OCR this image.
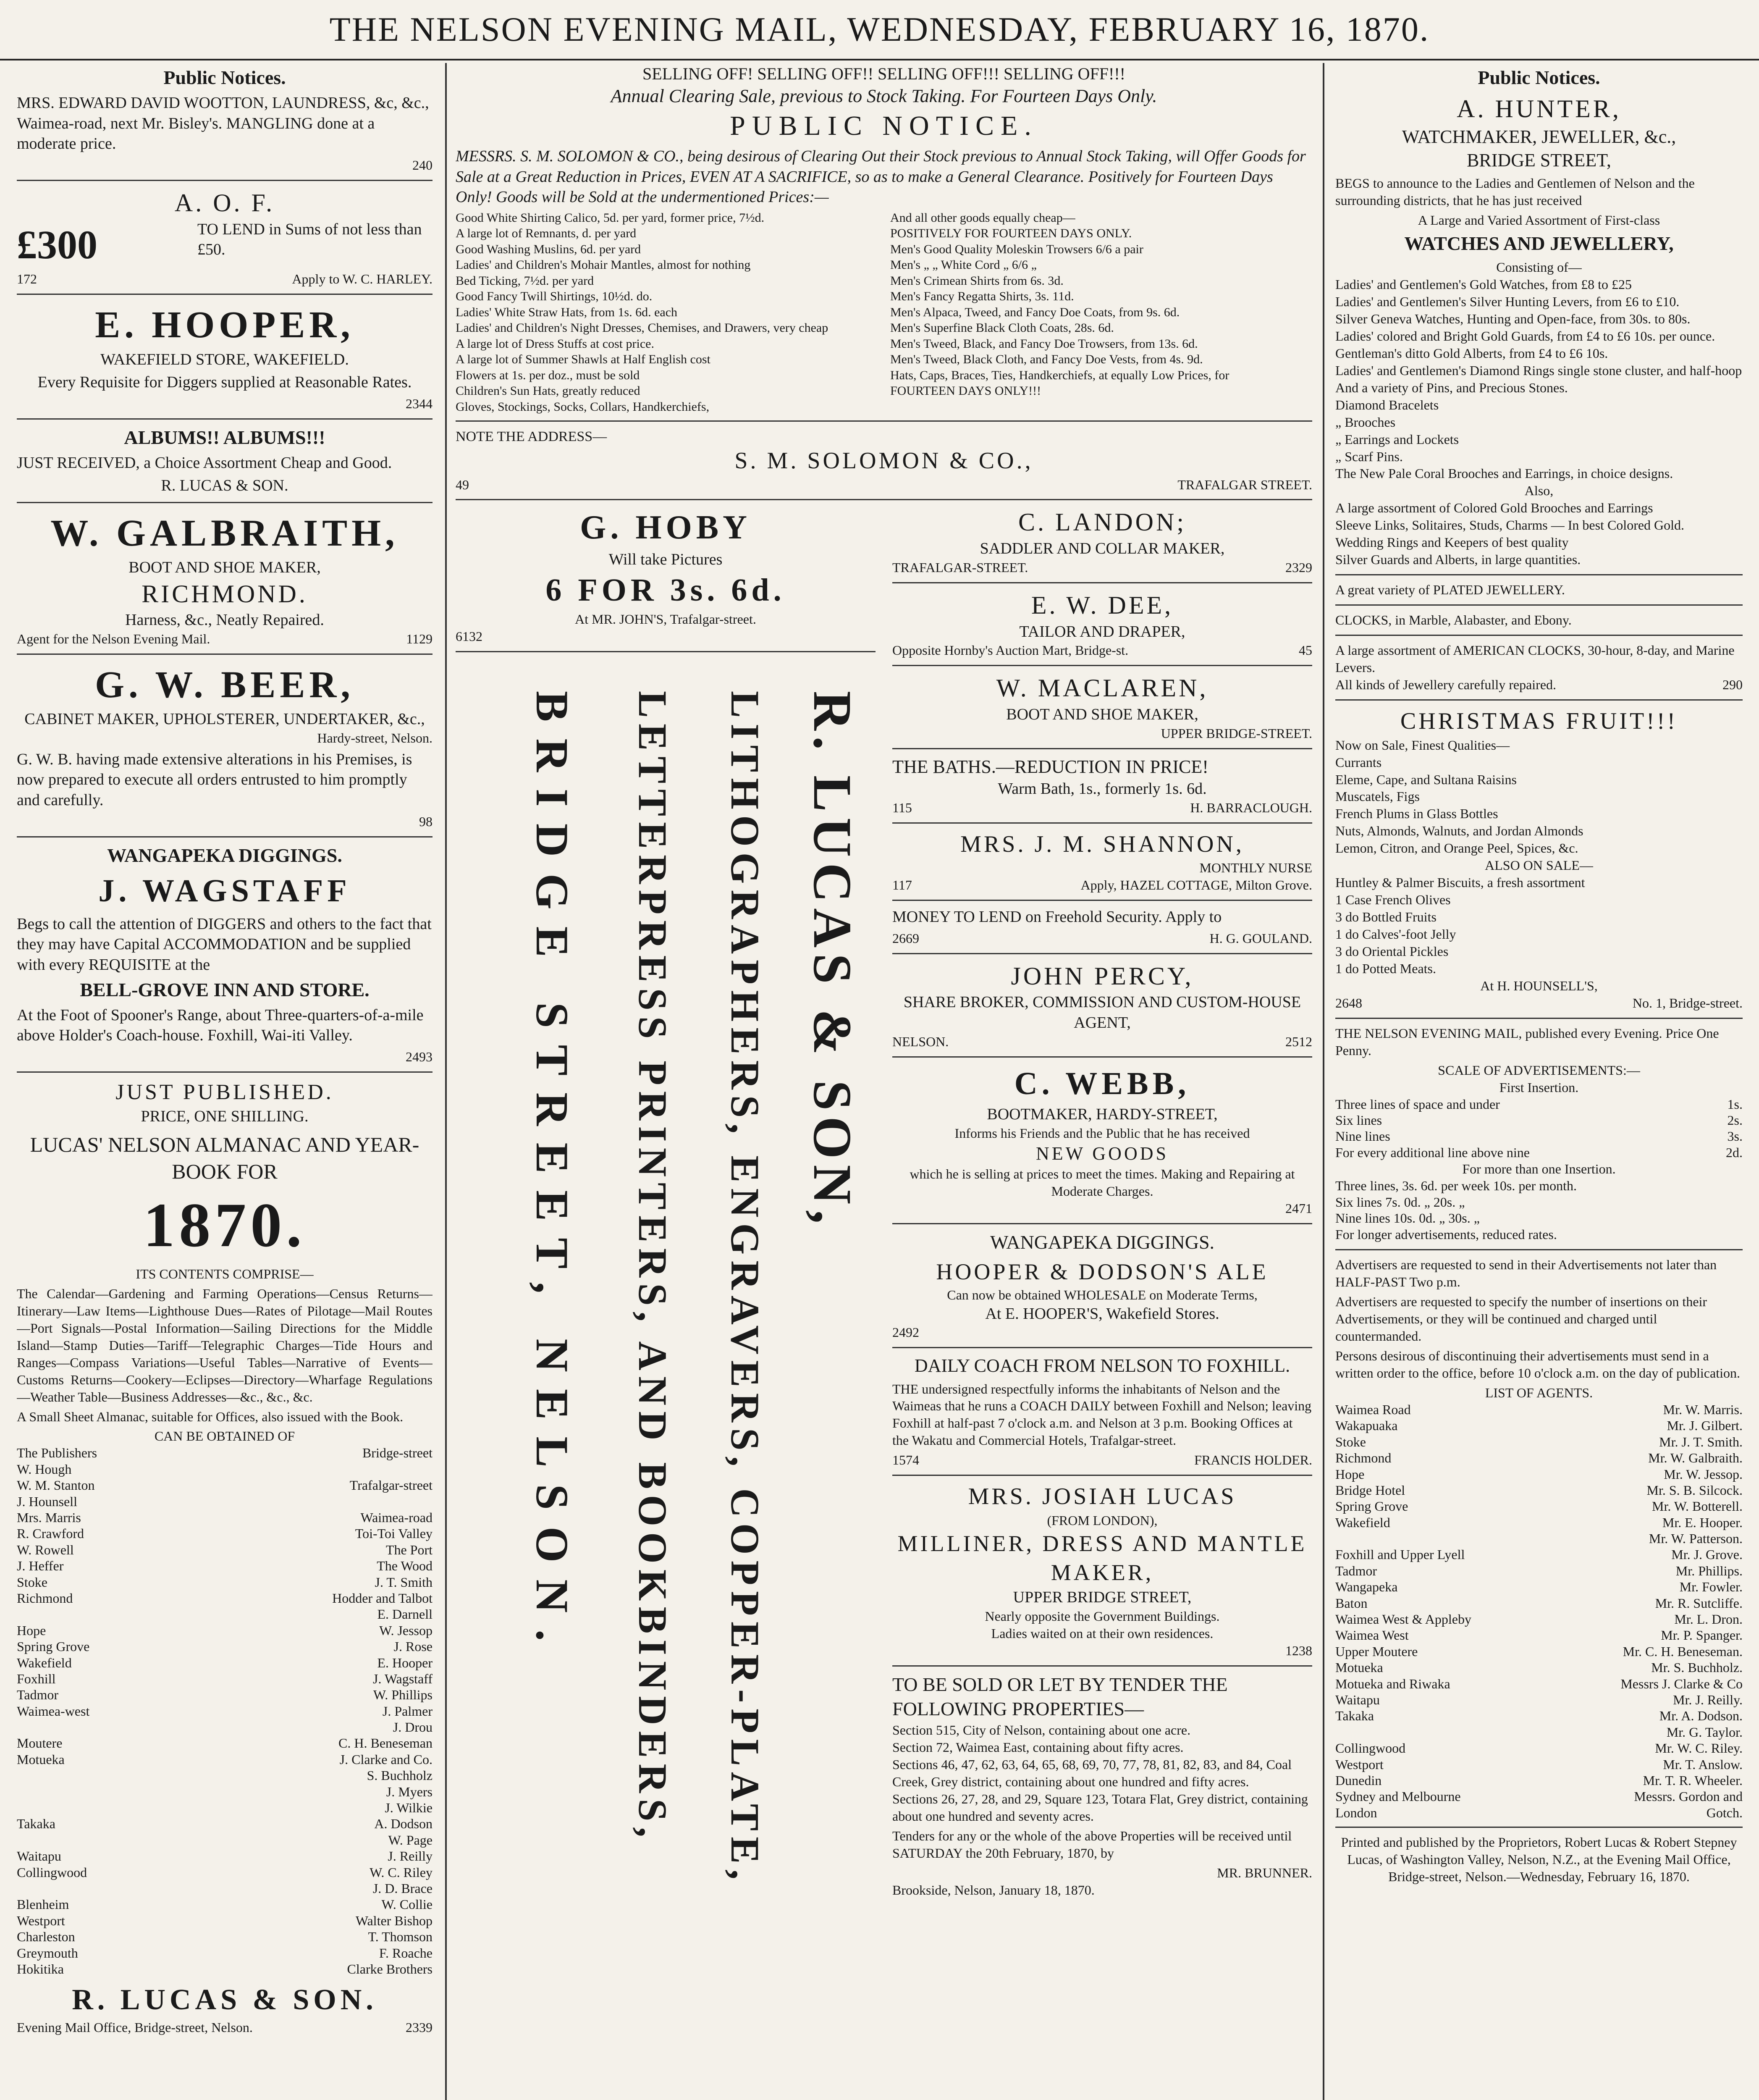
THE NELSON EVENING MAIL, WEDNESDAY, FEBRUARY 16, 1870.
Public Notices.

MRS. EDWARD DAVID WOOTTON, LAUNDRESS, &c, &c., Waimea-road, next Mr. Bisley's. MANGLING done at a moderate price.

240
A. O. F.
£300	TO LEND in Sums of not less than £50.
172	Apply to W. C. HARLEY.
E. HOOPER,
WAKEFIELD STORE, WAKEFIELD.

Every Requisite for Diggers supplied at Reasonable Rates.

2344
ALBUMS!! ALBUMS!!!

JUST RECEIVED, a Choice Assortment Cheap and Good.

R. LUCAS & SON.
W. GALBRAITH,
BOOT AND SHOE MAKER,
RICHMOND.
Harness, &c., Neatly Repaired.
Agent for the Nelson Evening Mail.	1129
G. W. BEER,
CABINET MAKER, UPHOLSTERER, UNDERTAKER, &c.,
Hardy-street, Nelson.

G. W. B. having made extensive alterations in his Premises, is now prepared to execute all orders entrusted to him promptly and carefully.

98
WANGAPEKA DIGGINGS.
J. WAGSTAFF

Begs to call the attention of DIGGERS and others to the fact that they may have Capital ACCOMMODATION and be supplied with every REQUISITE at the

BELL-GROVE INN AND STORE.

At the Foot of Spooner's Range, about Three-quarters-of-a-mile above Holder's Coach-house. Foxhill, Wai-iti Valley.

2493
JUST PUBLISHED.
PRICE, ONE SHILLING.
LUCAS' NELSON ALMANAC AND YEAR-BOOK FOR
1870.
ITS CONTENTS COMPRISE—

The Calendar—Gardening and Farming Operations—Census Returns—Itinerary—Law Items—Lighthouse Dues—Rates of Pilotage—Mail Routes—Port Signals—Postal Information—Sailing Directions for the Middle Island—Stamp Duties—Tariff—Telegraphic Charges—Tide Hours and Ranges—Compass Variations—Useful Tables—Narrative of Events—Customs Returns—Cookery—Eclipses—Directory—Wharfage Regulations—Weather Table—Business Addresses—&c., &c., &c.

A Small Sheet Almanac, suitable for Offices, also issued with the Book.

CAN BE OBTAINED OF
The Publishers	Bridge-street
W. Hough
W. M. Stanton	Trafalgar-street
J. Hounsell
Mrs. Marris	Waimea-road
R. Crawford	Toi-Toi Valley
W. Rowell	The Port
J. Heffer	The Wood
Stoke	J. T. Smith
Richmond	Hodder and Talbot
E. Darnell
Hope	W. Jessop
Spring Grove	J. Rose
Wakefield	E. Hooper
Foxhill	J. Wagstaff
Tadmor	W. Phillips
Waimea-west	J. Palmer
J. Drou
Moutere	C. H. Beneseman
Motueka	J. Clarke and Co.
S. Buchholz
J. Myers
J. Wilkie
Takaka	A. Dodson
W. Page
Waitapu	J. Reilly
Collingwood	W. C. Riley
J. D. Brace
Blenheim	W. Collie
Westport	Walter Bishop
Charleston	T. Thomson
Greymouth	F. Roache
Hokitika	Clarke Brothers
R. LUCAS & SON.
Evening Mail Office, Bridge-street, Nelson.	2339
SELLING OFF! SELLING OFF!! SELLING OFF!!! SELLING OFF!!!
Annual Clearing Sale, previous to Stock Taking. For Fourteen Days Only.
PUBLIC NOTICE.

MESSRS. S. M. SOLOMON & CO., being desirous of Clearing Out their Stock previous to Annual Stock Taking, will Offer Goods for Sale at a Great Reduction in Prices, EVEN AT A SACRIFICE, so as to make a General Clearance. Positively for Fourteen Days Only! Goods will be Sold at the undermentioned Prices:—

Good White Shirting Calico, 5d. per yard, former price, 7½d.
A large lot of Remnants, d. per yard
Good Washing Muslins, 6d. per yard
Ladies' and Children's Mohair Mantles, almost for nothing
Bed Ticking, 7½d. per yard
Good Fancy Twill Shirtings, 10½d. do.
Ladies' White Straw Hats, from 1s. 6d. each
Ladies' and Children's Night Dresses, Chemises, and Drawers, very cheap
A large lot of Dress Stuffs at cost price.
A large lot of Summer Shawls at Half English cost
Flowers at 1s. per doz., must be sold
Children's Sun Hats, greatly reduced
Gloves, Stockings, Socks, Collars, Handkerchiefs,
And all other goods equally cheap—
POSITIVELY FOR FOURTEEN DAYS ONLY.
Men's Good Quality Moleskin Trowsers 6/6 a pair
Men's „ „ White Cord „ 6/6 „
Men's Crimean Shirts from 6s. 3d.
Men's Fancy Regatta Shirts, 3s. 11d.
Men's Alpaca, Tweed, and Fancy Doe Coats, from 9s. 6d.
Men's Superfine Black Cloth Coats, 28s. 6d.
Men's Tweed, Black, and Fancy Doe Trowsers, from 13s. 6d.
Men's Tweed, Black Cloth, and Fancy Doe Vests, from 4s. 9d.
Hats, Caps, Braces, Ties, Handkerchiefs, at equally Low Prices, for
FOURTEEN DAYS ONLY!!!
NOTE THE ADDRESS—
S. M. SOLOMON & CO.,
49	TRAFALGAR STREET.
G. HOBY
Will take Pictures
6 FOR 3s. 6d.
At MR. JOHN'S, Trafalgar-street.
6132
R. LUCAS & SON,
LITHOGRAPHERS, ENGRAVERS, COPPER-PLATE,
LETTERPRESS PRINTERS, AND BOOKBINDERS,
BRIDGE STREET, NELSON.

C. LANDON;
SADDLER AND COLLAR MAKER,
TRAFALGAR-STREET.	2329
E. W. DEE,
TAILOR AND DRAPER,
Opposite Hornby's Auction Mart, Bridge-st.	45
W. MACLAREN,
BOOT AND SHOE MAKER,
UPPER BRIDGE-STREET.
THE BATHS.—REDUCTION IN PRICE!
Warm Bath, 1s., formerly 1s. 6d.
115	H. BARRACLOUGH.
MRS. J. M. SHANNON,
MONTHLY NURSE
117	Apply, HAZEL COTTAGE, Milton Grove.

MONEY TO LEND on Freehold Security. Apply to

2669	H. G. GOULAND.
JOHN PERCY,
SHARE BROKER, COMMISSION AND CUSTOM-HOUSE AGENT,
NELSON.	2512
C. WEBB,
BOOTMAKER, HARDY-STREET,
Informs his Friends and the Public that he has received
NEW GOODS
which he is selling at prices to meet the times. Making and Repairing at Moderate Charges.
2471
WANGAPEKA DIGGINGS.
HOOPER & DODSON'S ALE
Can now be obtained WHOLESALE on Moderate Terms,
At E. HOOPER'S, Wakefield Stores.
2492
DAILY COACH FROM NELSON TO FOXHILL.

THE undersigned respectfully informs the inhabitants of Nelson and the Waimeas that he runs a COACH DAILY between Foxhill and Nelson; leaving Foxhill at half-past 7 o'clock a.m. and Nelson at 3 p.m. Booking Offices at the Wakatu and Commercial Hotels, Trafalgar-street.

1574	FRANCIS HOLDER.
MRS. JOSIAH LUCAS
(FROM LONDON),
MILLINER, DRESS AND MANTLE MAKER,
UPPER BRIDGE STREET,
Nearly opposite the Government Buildings.
Ladies waited on at their own residences.
1238
TO BE SOLD OR LET BY TENDER THE FOLLOWING PROPERTIES—
Section 515, City of Nelson, containing about one acre.
Section 72, Waimea East, containing about fifty acres.
Sections 46, 47, 62, 63, 64, 65, 68, 69, 70, 77, 78, 81, 82, 83, and 84, Coal Creek, Grey district, containing about one hundred and fifty acres.
Sections 26, 27, 28, and 29, Square 123, Totara Flat, Grey district, containing about one hundred and seventy acres.

Tenders for any or the whole of the above Properties will be received until SATURDAY the 20th February, 1870, by

MR. BRUNNER.
Brookside, Nelson, January 18, 1870.
Public Notices.
A. HUNTER,
WATCHMAKER, JEWELLER, &c.,
BRIDGE STREET,

BEGS to announce to the Ladies and Gentlemen of Nelson and the surrounding districts, that he has just received

A Large and Varied Assortment of First-class
WATCHES AND JEWELLERY,
Consisting of—
Ladies' and Gentlemen's Gold Watches, from £8 to £25
Ladies' and Gentlemen's Silver Hunting Levers, from £6 to £10.
Silver Geneva Watches, Hunting and Open-face, from 30s. to 80s.
Ladies' colored and Bright Gold Guards, from £4 to £6 10s. per ounce.
Gentleman's ditto Gold Alberts, from £4 to £6 10s.
Ladies' and Gentlemen's Diamond Rings single stone cluster, and half-hoop
And a variety of Pins, and Precious Stones.
Diamond Bracelets
„ Brooches
„ Earrings and Lockets
„ Scarf Pins.
The New Pale Coral Brooches and Earrings, in choice designs.
Also,
A large assortment of Colored Gold Brooches and Earrings
Sleeve Links, Solitaires, Studs, Charms — In best Colored Gold.
Wedding Rings and Keepers of best quality
Silver Guards and Alberts, in large quantities.
A great variety of PLATED JEWELLERY.
CLOCKS, in Marble, Alabaster, and Ebony.
A large assortment of AMERICAN CLOCKS, 30-hour, 8-day, and Marine Levers.
All kinds of Jewellery carefully repaired.	290
CHRISTMAS FRUIT!!!
Now on Sale, Finest Qualities—
Currants
Eleme, Cape, and Sultana Raisins
Muscatels, Figs
French Plums in Glass Bottles
Nuts, Almonds, Walnuts, and Jordan Almonds
Lemon, Citron, and Orange Peel, Spices, &c.
ALSO ON SALE—
Huntley & Palmer Biscuits, a fresh assortment
1 Case French Olives
3 do Bottled Fruits
1 do Calves'-foot Jelly
3 do Oriental Pickles
1 do Potted Meats.
At H. HOUNSELL'S,
2648	No. 1, Bridge-street.

THE NELSON EVENING MAIL, published every Evening. Price One Penny.

SCALE OF ADVERTISEMENTS:—
First Insertion.
Three lines of space and under	1s.
Six lines	2s.
Nine lines	3s.
For every additional line above nine	2d.
For more than one Insertion.
Three lines, 3s. 6d. per week 10s. per month.
Six lines 7s. 0d. „ 20s. „
Nine lines 10s. 0d. „ 30s. „
For longer advertisements, reduced rates.

Advertisers are requested to send in their Advertisements not later than HALF-PAST Two p.m.

Advertisers are requested to specify the number of insertions on their Advertisements, or they will be continued and charged until countermanded.

Persons desirous of discontinuing their advertisements must send in a written order to the office, before 10 o'clock a.m. on the day of publication.

LIST OF AGENTS.
Waimea Road	Mr. W. Marris.
Wakapuaka	Mr. J. Gilbert.
Stoke	Mr. J. T. Smith.
Richmond	Mr. W. Galbraith.
Hope	Mr. W. Jessop.
Bridge Hotel	Mr. S. B. Silcock.
Spring Grove	Mr. W. Botterell.
Wakefield	Mr. E. Hooper.
Mr. W. Patterson.
Foxhill and Upper Lyell	Mr. J. Grove.
Tadmor	Mr. Phillips.
Wangapeka	Mr. Fowler.
Baton	Mr. R. Sutcliffe.
Waimea West & Appleby	Mr. L. Dron.
Waimea West	Mr. P. Spanger.
Upper Moutere	Mr. C. H. Beneseman.
Motueka	Mr. S. Buchholz.
Motueka and Riwaka	Messrs J. Clarke & Co
Waitapu	Mr. J. Reilly.
Takaka	Mr. A. Dodson.
Mr. G. Taylor.
Collingwood	Mr. W. C. Riley.
Westport	Mr. T. Anslow.
Dunedin	Mr. T. R. Wheeler.
Sydney and Melbourne	Messrs. Gordon and
London	Gotch.

Printed and published by the Proprietors, Robert Lucas & Robert Stepney Lucas, of Washington Valley, Nelson, N.Z., at the Evening Mail Office, Bridge-street, Nelson.—Wednesday, February 16, 1870.
